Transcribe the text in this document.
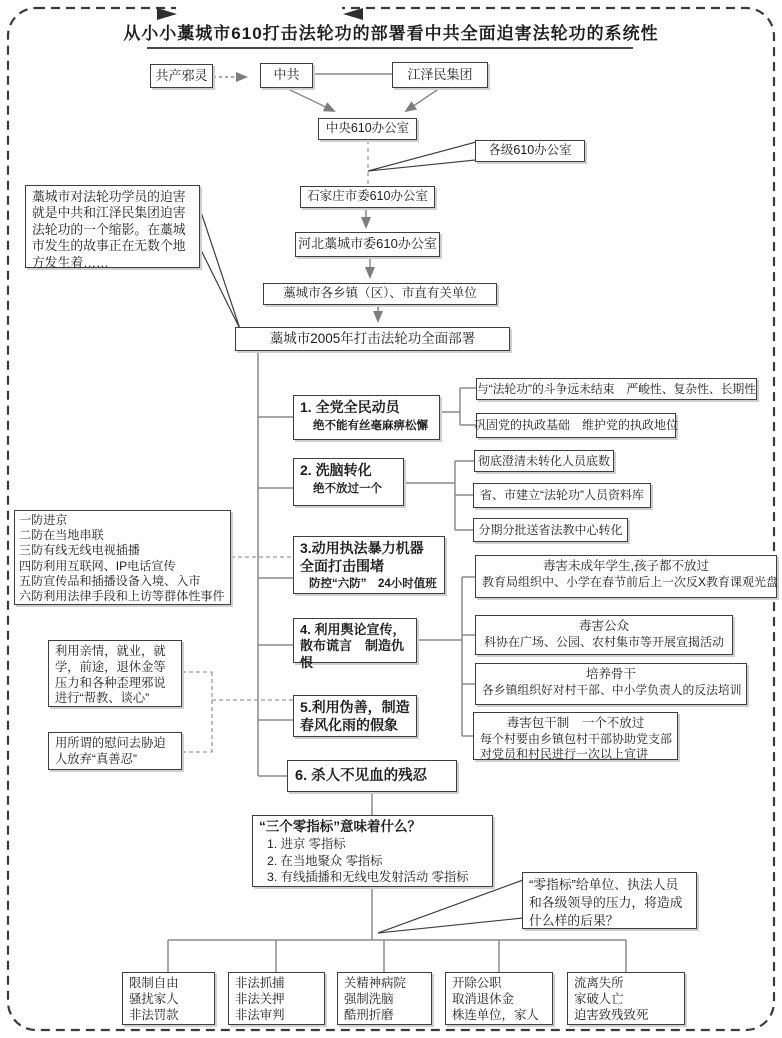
从小小藁城市610打击法轮功的部署看中共全面迫害法轮功的系统性
共产邪灵	中共	江泽民集团
中央610办公室
各级610办公室
石家庄市委610办公室
河北藁城市委610办公室
藁城市各乡镇（区）、市直有关单位
藁城市2005年打击法轮功全面部署
藁城市对法轮功学员的迫害就是中共和江泽民集团迫害法轮功的一个缩影。在藁城市发生的故事正在无数个地方发生着……
1. 全党全民动员
绝不能有丝毫麻痹松懈
与“法轮功”的斗争远未结束　严峻性、复杂性、长期性
巩固党的执政基础　维护党的执政地位
2. 洗脑转化
绝不放过一个
彻底澄清未转化人员底数
省、市建立“法轮功”人员资料库
分期分批送省法教中心转化
一防进京
二防在当地串联
三防有线无线电视插播
四防利用互联网、IP电话宣传
五防宣传品和插播设备入境、入市
六防利用法律手段和上访等群体性事件
3.动用执法暴力机器
全面打击围堵
防控“六防”　24小时值班
4. 利用舆论宣传，
散布谎言　制造仇恨
毒害未成年学生,孩子都不放过
教育局组织中、小学在春节前后上一次反X教育课观光盘
毒害公众
科协在广场、公园、农村集市等开展宣揭活动
培养骨干
各乡镇组织好对村干部、中小学负责人的反法培训
毒害包干制　一个不放过
每个村要由乡镇包村干部协助党支部
对党员和村民进行一次以上宣讲
利用亲情，就业，就学，前途，退休金等压力和各种歪理邪说进行“帮教、谈心”
用所谓的慰问去胁迫人放弃“真善忍”
5.利用伪善，制造
春风化雨的假象
6. 杀人不见血的残忍
“三个零指标”意味着什么？
1. 进京 零指标
2. 在当地聚众 零指标
3. 有线插播和无线电发射活动 零指标	“零指标”给单位、执法人员和各级领导的压力，将造成什么样的后果？
限制自由
骚扰家人
非法罚款
非法抓捕
非法关押
非法审判
关精神病院
强制洗脑
酷刑折磨
开除公职
取消退休金
株连单位，家人
流离失所
家破人亡
迫害致残致死
